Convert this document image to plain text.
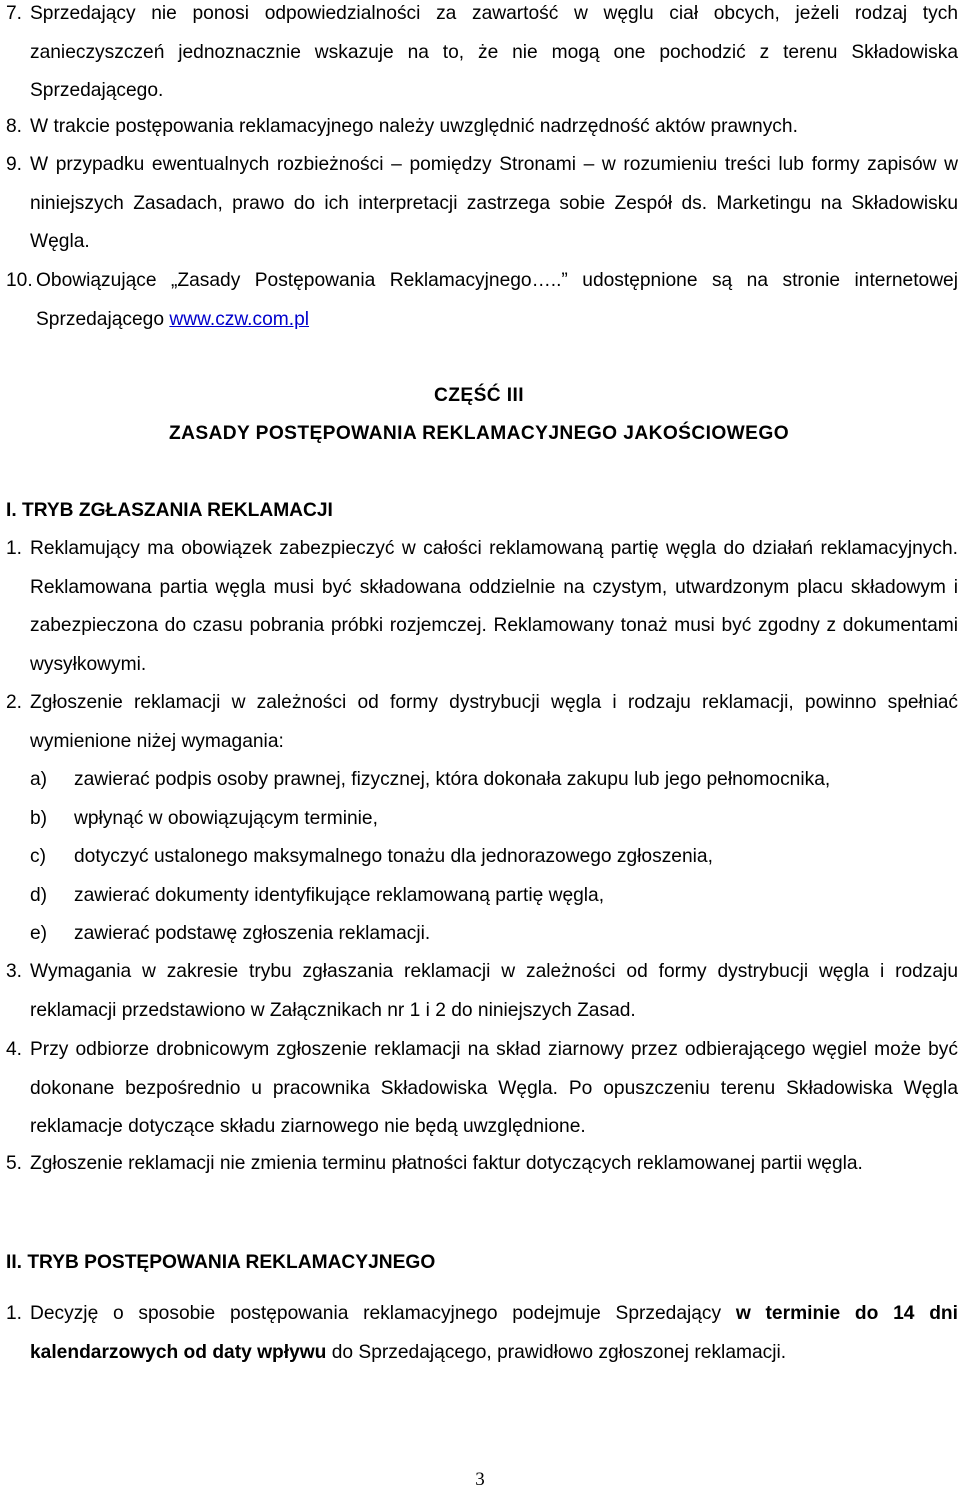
7. Sprzedający nie ponosi odpowiedzialności za zawartość w węglu ciał obcych, jeżeli rodzaj tych zanieczyszczeń jednoznacznie wskazuje na to, że nie mogą one pochodzić z terenu Składowiska Sprzedającego.
8. W trakcie postępowania reklamacyjnego należy uwzględnić nadrzędność aktów prawnych.
9. W przypadku ewentualnych rozbieżności – pomiędzy Stronami – w rozumieniu treści lub formy zapisów w niniejszych Zasadach, prawo do ich interpretacji zastrzega sobie Zespół ds. Marketingu na Składowisku Węgla.
10. Obowiązujące „Zasady Postępowania Reklamacyjnego…..” udostępnione są na stronie internetowej Sprzedającego www.czw.com.pl
CZĘŚĆ III
ZASADY POSTĘPOWANIA REKLAMACYJNEGO JAKOŚCIOWEGO
I. TRYB ZGŁASZANIA REKLAMACJI
1. Reklamujący ma obowiązek zabezpieczyć w całości reklamowaną partię węgla do działań reklamacyjnych. Reklamowana partia węgla musi być składowana oddzielnie na czystym, utwardzonym placu składowym i zabezpieczona do czasu pobrania próbki rozjemczej. Reklamowany tonaż musi być zgodny z dokumentami wysyłkowymi.
2. Zgłoszenie reklamacji w zależności od formy dystrybucji węgla i rodzaju reklamacji, powinno spełniać wymienione niżej wymagania:
a) zawierać podpis osoby prawnej, fizycznej, która dokonała zakupu lub jego pełnomocnika,
b) wpłynąć w obowiązującym terminie,
c) dotyczyć ustalonego maksymalnego tonażu dla jednorazowego zgłoszenia,
d) zawierać dokumenty identyfikujące reklamowaną partię węgla,
e) zawierać podstawę zgłoszenia reklamacji.
3. Wymagania w zakresie trybu zgłaszania reklamacji w zależności od formy dystrybucji węgla i rodzaju reklamacji przedstawiono w Załącznikach nr 1 i 2 do niniejszych Zasad.
4. Przy odbiorze drobnicowym zgłoszenie reklamacji na skład ziarnowy przez odbierającego węgiel może być dokonane bezpośrednio u pracownika Składowiska Węgla. Po opuszczeniu terenu Składowiska Węgla reklamacje dotyczące składu ziarnowego nie będą uwzględnione.
5. Zgłoszenie reklamacji nie zmienia terminu płatności faktur dotyczących reklamowanej partii węgla.
II. TRYB POSTĘPOWANIA REKLAMACYJNEGO
1. Decyzję o sposobie postępowania reklamacyjnego podejmuje Sprzedający w terminie do 14 dni kalendarzowych od daty wpływu do Sprzedającego, prawidłowo zgłoszonej reklamacji.
3
